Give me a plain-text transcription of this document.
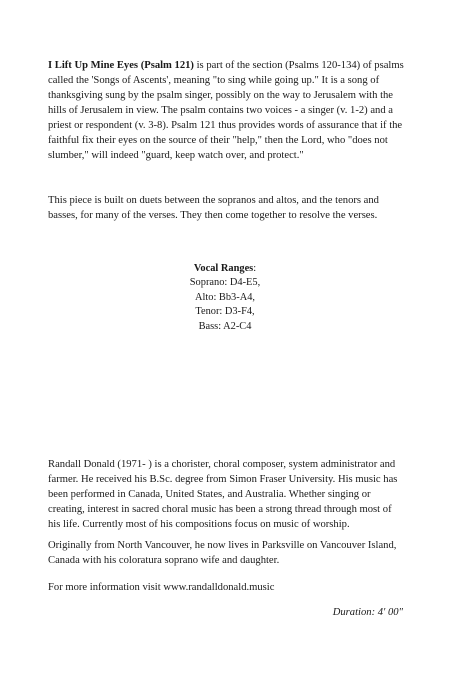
I Lift Up Mine Eyes (Psalm 121) is part of the section (Psalms 120-134) of psalms called the 'Songs of Ascents', meaning "to sing while going up." It is a song of thanksgiving sung by the psalm singer, possibly on the way to Jerusalem with the hills of Jerusalem in view. The psalm contains two voices - a singer (v. 1-2) and a priest or respondent (v. 3-8). Psalm 121 thus provides words of assurance that if the faithful fix their eyes on the source of their "help," then the Lord, who "does not slumber," will indeed "guard, keep watch over, and protect."

This piece is built on duets between the sopranos and altos, and the tenors and basses, for many of the verses. They then come together to resolve the verses.

Vocal Ranges:
Soprano: D4-E5,
Alto: Bb3-A4,
Tenor: D3-F4,
Bass: A2-C4

Randall Donald (1971- ) is a chorister, choral composer, system administrator and farmer. He received his B.Sc. degree from Simon Fraser University. His music has been performed in Canada, United States, and Australia. Whether singing or creating, interest in sacred choral music has been a strong thread through most of his life. Currently most of his compositions focus on music of worship.

Originally from North Vancouver, he now lives in Parksville on Vancouver Island, Canada with his coloratura soprano wife and daughter.

For more information visit www.randalldonald.music

Duration: 4' 00"
